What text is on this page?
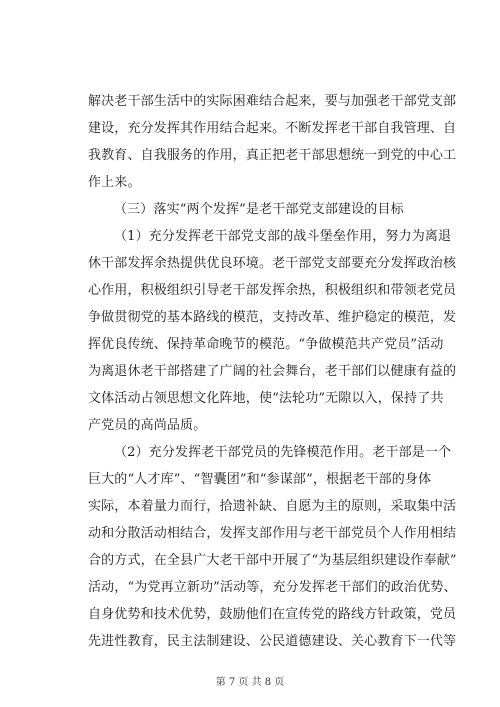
解决老干部生活中的实际困难结合起来，要与加强老干部党支部
建设，充分发挥其作用结合起来。不断发挥老干部自我管理、自
我教育、自我服务的作用，真正把老干部思想统一到党的中心工
作上来。

（三）落实“两个发挥”是老干部党支部建设的目标

（1）充分发挥老干部党支部的战斗堡垒作用，努力为离退
休干部发挥余热提供优良环境。老干部党支部要充分发挥政治核
心作用，积极组织引导老干部发挥余热，积极组织和带领老党员
争做贯彻党的基本路线的模范，支持改革、维护稳定的模范，发
挥优良传统、保持革命晚节的模范。“争做模范共产党员”活动
为离退休老干部搭建了广阔的社会舞台，老干部们以健康有益的
文体活动占领思想文化阵地，使“法轮功”无隙以入，保持了共
产党员的高尚品质。

（2）充分发挥老干部党员的先锋模范作用。老干部是一个
巨大的“人才库”、“智囊团”和“参谋部”，根据老干部的身体
实际，本着量力而行，拾遗补缺、自愿为主的原则，采取集中活
动和分散活动相结合，发挥支部作用与老干部党员个人作用相结
合的方式，在全县广大老干部中开展了“为基层组织建设作奉献”
活动，“为党再立新功”活动等，充分发挥老干部们的政治优势、
自身优势和技术优势，鼓励他们在宣传党的路线方针政策，党员
先进性教育，民主法制建设、公民道德建设、关心教育下一代等

第 7 页 共 8 页
